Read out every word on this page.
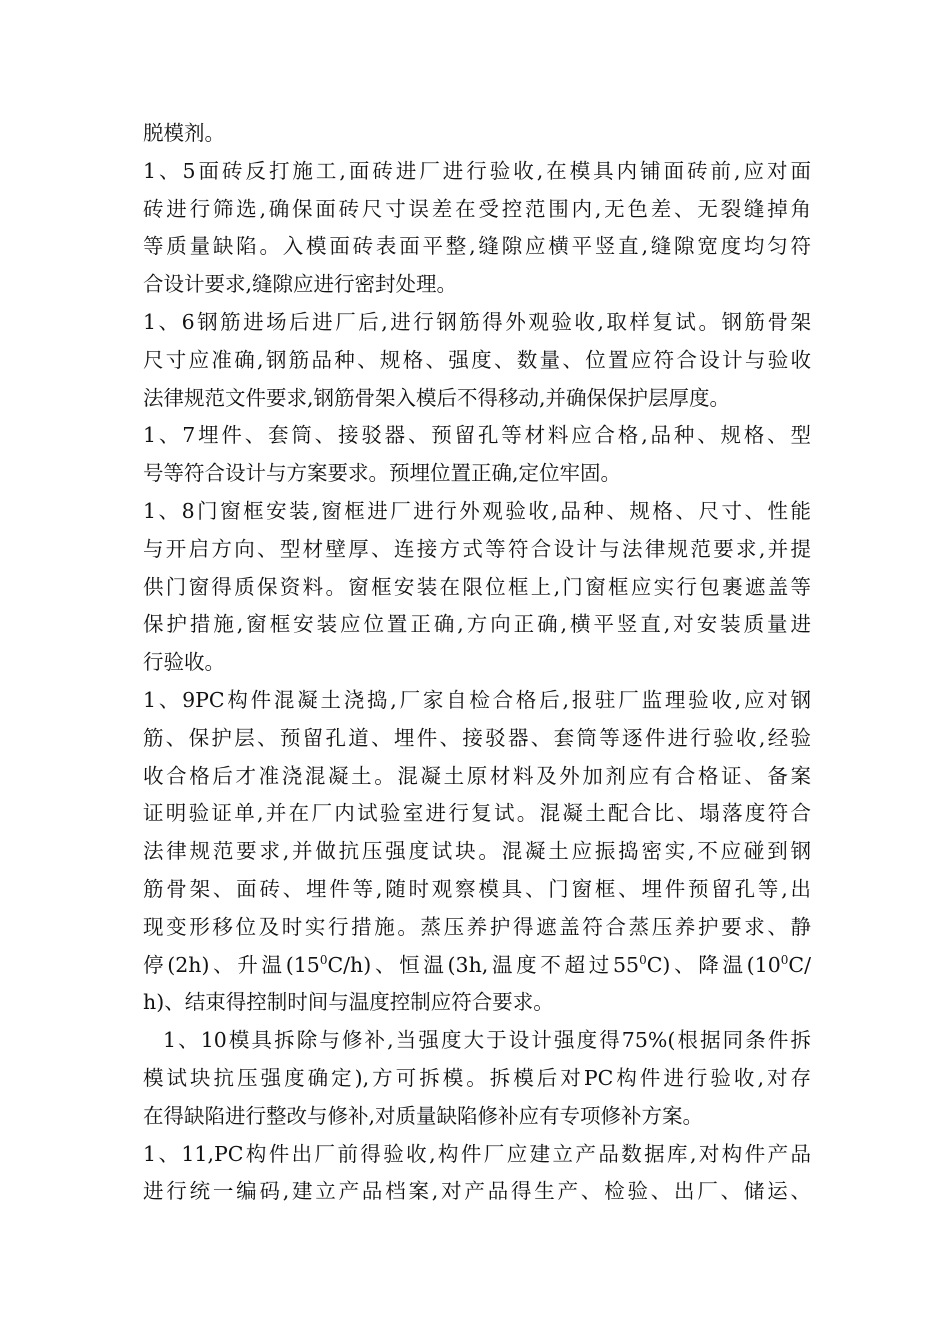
脱模剂。
1、5面砖反打施工,面砖进厂进行验收,在模具内铺面砖前,应对面
砖进行筛选,确保面砖尺寸误差在受控范围内,无色差、无裂缝掉角
等质量缺陷。入模面砖表面平整,缝隙应横平竖直,缝隙宽度均匀符
合设计要求,缝隙应进行密封处理。
1、6钢筋进场后进厂后,进行钢筋得外观验收,取样复试。钢筋骨架
尺寸应准确,钢筋品种、规格、强度、数量、位置应符合设计与验收
法律规范文件要求,钢筋骨架入模后不得移动,并确保保护层厚度。
1、7埋件、套筒、接驳器、预留孔等材料应合格,品种、规格、型
号等符合设计与方案要求。预埋位置正确,定位牢固。
1、8门窗框安装,窗框进厂进行外观验收,品种、规格、尺寸、性能
与开启方向、型材壁厚、连接方式等符合设计与法律规范要求,并提
供门窗得质保资料。窗框安装在限位框上,门窗框应实行包裹遮盖等
保护措施,窗框安装应位置正确,方向正确,横平竖直,对安装质量进
行验收。
1、9PC构件混凝土浇捣,厂家自检合格后,报驻厂监理验收,应对钢
筋、保护层、预留孔道、埋件、接驳器、套筒等逐件进行验收,经验
收合格后才准浇混凝土。混凝土原材料及外加剂应有合格证、备案
证明验证单,并在厂内试验室进行复试。混凝土配合比、塌落度符合
法律规范要求,并做抗压强度试块。混凝土应振捣密实,不应碰到钢
筋骨架、面砖、埋件等,随时观察模具、门窗框、埋件预留孔等,出
现变形移位及时实行措施。蒸压养护得遮盖符合蒸压养护要求、静
停(2h)、升温$(15^0C/h)$、恒温(3h,温度不超过$55^0C$)、降温($10^0C/$
h)、结束得控制时间与温度控制应符合要求。
1、10模具拆除与修补,当强度大于设计强度得75%(根据同条件拆
模试块抗压强度确定),方可拆模。拆模后对PC构件进行验收,对存
在得缺陷进行整改与修补,对质量缺陷修补应有专项修补方案。
1、11,PC构件出厂前得验收,构件厂应建立产品数据库,对构件产品
进行统一编码,建立产品档案,对产品得生产、检验、出厂、储运、
